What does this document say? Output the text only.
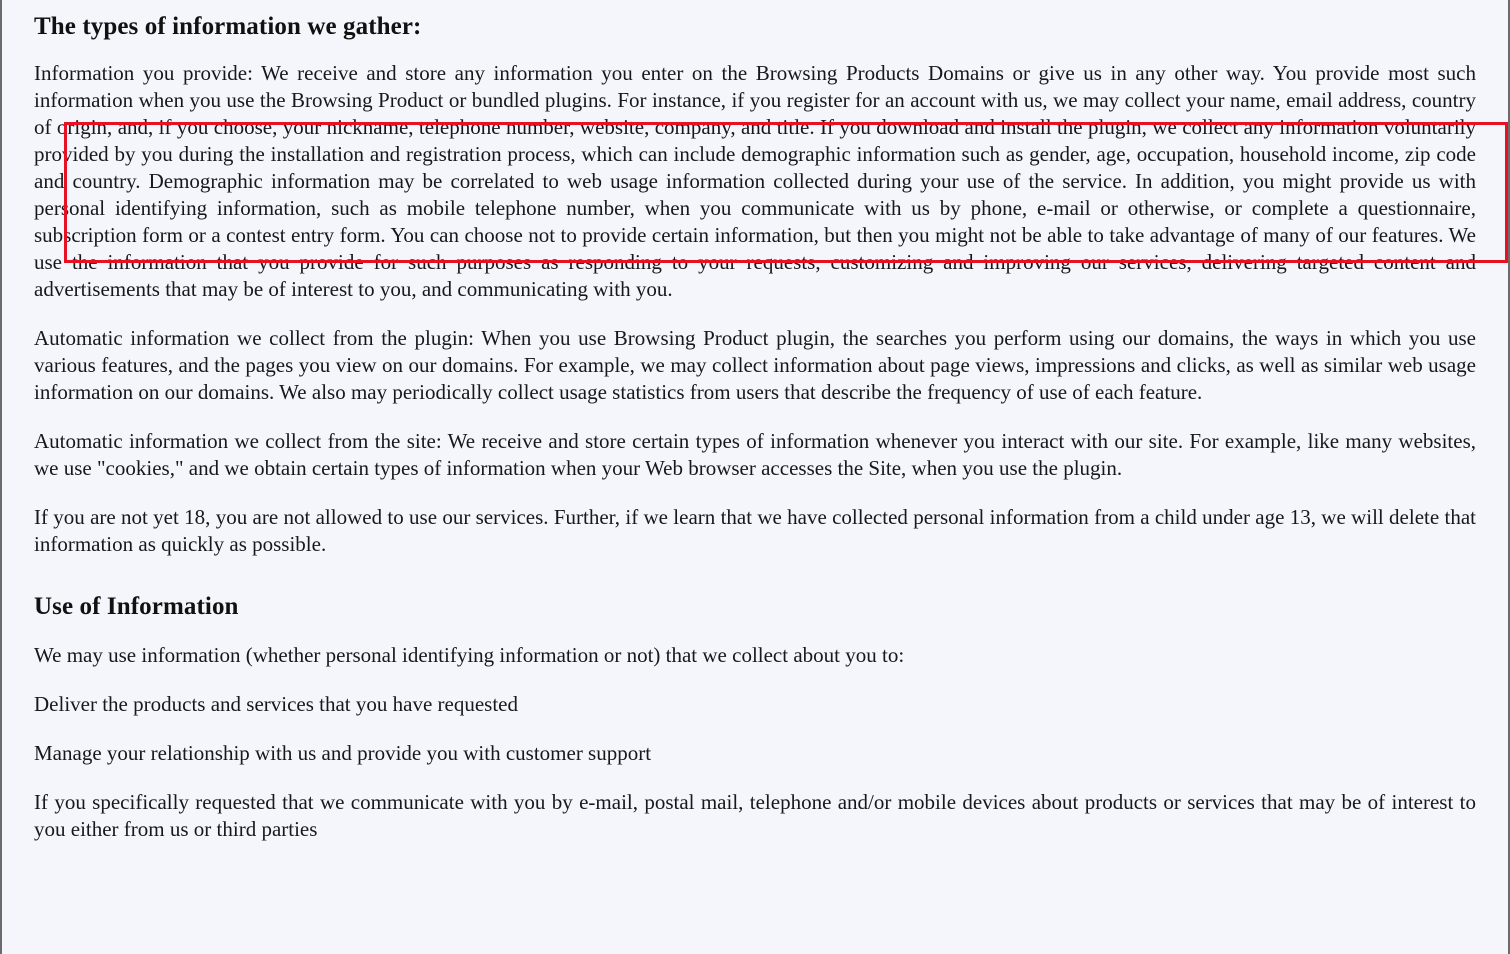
The types of information we gather:

Information you provide: We receive and store any information you enter on the Browsing Products Domains or give us in any other way. You provide most such information when you use the Browsing Product or bundled plugins. For instance, if you register for an account with us, we may collect your name, email address, country of origin, and, if you choose, your nickname, telephone number, website, company, and title. If you download and install the plugin, we collect any information voluntarily provided by you during the installation and registration process, which can include demographic information such as gender, age, occupation, household income, zip code and country. Demographic information may be correlated to web usage information collected during your use of the service. In addition, you might provide us with personal identifying information, such as mobile telephone number, when you communicate with us by phone, e-mail or otherwise, or complete a questionnaire, subscription form or a contest entry form. You can choose not to provide certain information, but then you might not be able to take advantage of many of our features. We use the information that you provide for such purposes as responding to your requests, customizing and improving our services, delivering targeted content and advertisements that may be of interest to you, and communicating with you.

Automatic information we collect from the plugin: When you use Browsing Product plugin, the searches you perform using our domains, the ways in which you use various features, and the pages you view on our domains. For example, we may collect information about page views, impressions and clicks, as well as similar web usage information on our domains. We also may periodically collect usage statistics from users that describe the frequency of use of each feature.

Automatic information we collect from the site: We receive and store certain types of information whenever you interact with our site. For example, like many websites, we use "cookies," and we obtain certain types of information when your Web browser accesses the Site, when you use the plugin.

If you are not yet 18, you are not allowed to use our services. Further, if we learn that we have collected personal information from a child under age 13, we will delete that information as quickly as possible.

Use of Information

We may use information (whether personal identifying information or not) that we collect about you to:

Deliver the products and services that you have requested

Manage your relationship with us and provide you with customer support

If you specifically requested that we communicate with you by e-mail, postal mail, telephone and/or mobile devices about products or services that may be of interest to you either from us or third parties
